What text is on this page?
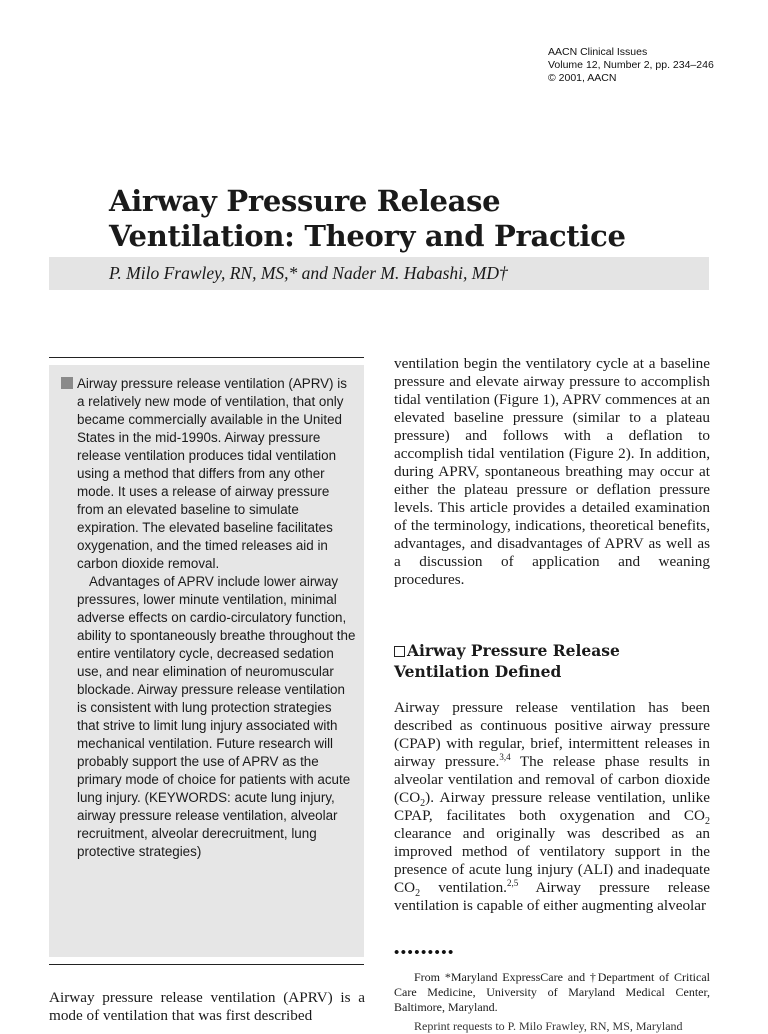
AACN Clinical Issues
Volume 12, Number 2, pp. 234–246
© 2001, AACN
Airway Pressure Release
Ventilation: Theory and Practice
P. Milo Frawley, RN, MS,* and Nader M. Habashi, MD†

Airway pressure release ventilation (APRV) is a relatively new mode of ventilation, that only became commercially available in the United States in the mid-1990s. Airway pressure release ventilation produces tidal ventilation using a method that differs from any other mode. It uses a release of airway pressure from an elevated baseline to simulate expiration. The elevated baseline facilitates oxygenation, and the timed releases aid in carbon dioxide removal.

Advantages of APRV include lower airway pressures, lower minute ventilation, minimal adverse effects on cardio-circulatory function, ability to spontaneously breathe throughout the entire ventilatory cycle, decreased sedation use, and near elimination of neuromuscular blockade. Airway pressure release ventilation is consistent with lung protection strategies that strive to limit lung injury associated with mechanical ventilation. Future research will probably support the use of APRV as the primary mode of choice for patients with acute lung injury. (KEYWORDS: acute lung injury, airway pressure release ventilation, alveolar recruitment, alveolar derecruitment, lung protective strategies)

Airway pressure release ventilation (APRV) is a mode of ventilation that was first described

ventilation begin the ventilatory cycle at a baseline pressure and elevate airway pressure to accomplish tidal ventilation (Figure 1), APRV commences at an elevated baseline pressure (similar to a plateau pressure) and follows with a deflation to accomplish tidal ventilation (Figure 2). In addition, during APRV, spontaneous breathing may occur at either the plateau pressure or deflation pressure levels. This article provides a detailed examination of the terminology, indications, theoretical benefits, advantages, and disadvantages of APRV as well as a discussion of application and weaning procedures.

Airway Pressure Release Ventilation Defined

Airway pressure release ventilation has been described as continuous positive airway pressure (CPAP) with regular, brief, intermittent releases in airway pressure.$^{3,4}$ The release phase results in alveolar ventilation and removal of carbon dioxide $(CO_2)$. Airway pressure release ventilation, unlike CPAP, facilitates both oxygenation and $CO_2$ clearance and originally was described as an improved method of ventilatory support in the presence of acute lung injury (ALI) and inadequate $CO_2$ ventilation.$^{2,5}$ Airway pressure release ventilation is capable of either augmenting alveolar

•••••••••

From *Maryland ExpressCare and †Department of Critical Care Medicine, University of Maryland Medical Center, Baltimore, Maryland.

Reprint requests to P. Milo Frawley, RN, MS, Maryland
